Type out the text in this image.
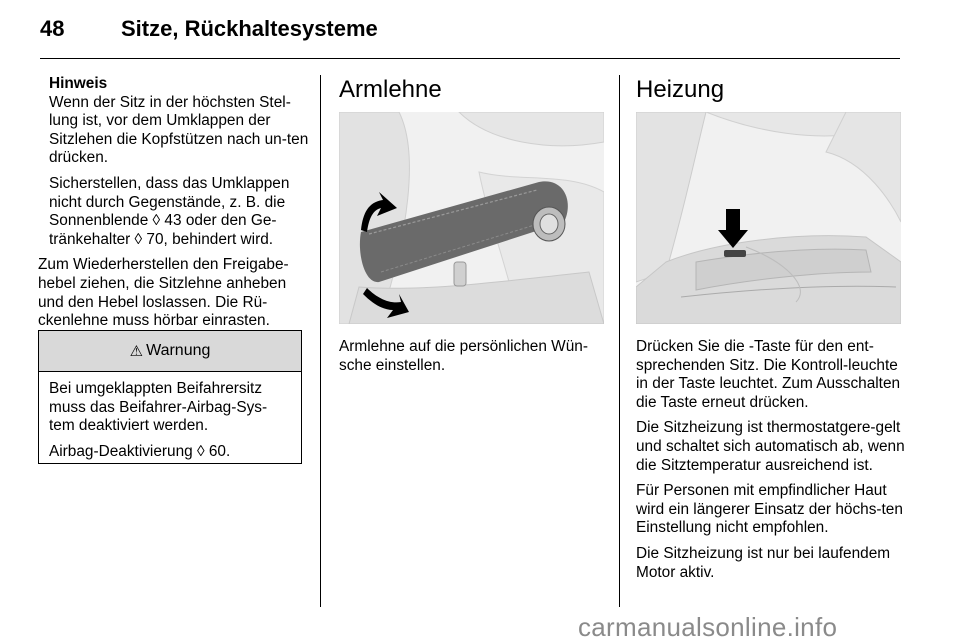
48	Sitze, Rückhaltesysteme
Hinweis

Wenn der Sitz in der höchsten Stel-lung ist, vor dem Umklappen der Sitzlehen die Kopfstützen nach un-ten drücken.

Sicherstellen, dass das Umklappen nicht durch Gegenstände, z. B. die Sonnenblende ◊ 43 oder den Ge-tränkehalter ◊ 70, behindert wird.

Zum Wiederherstellen den Freigabe-hebel ziehen, die Sitzlehne anheben und den Hebel loslassen. Die Rü-ckenlehne muss hörbar einrasten.

⚠ Warnung

Bei umgeklappten Beifahrersitz muss das Beifahrer-Airbag-Sys-tem deaktiviert werden.

Airbag-Deaktivierung ◊ 60.

Armlehne
Armlehne auf die persönlichen Wün-sche einstellen.
Heizung

Drücken Sie die -Taste für den ent-sprechenden Sitz. Die Kontroll-leuchte in der Taste leuchtet. Zum Ausschalten die Taste erneut drücken.

Die Sitzheizung ist thermostatgere-gelt und schaltet sich automatisch ab, wenn die Sitztemperatur ausreichend ist.

Für Personen mit empfindlicher Haut wird ein längerer Einsatz der höchs-ten Einstellung nicht empfohlen.

Die Sitzheizung ist nur bei laufendem Motor aktiv.

carmanualsonline.info
